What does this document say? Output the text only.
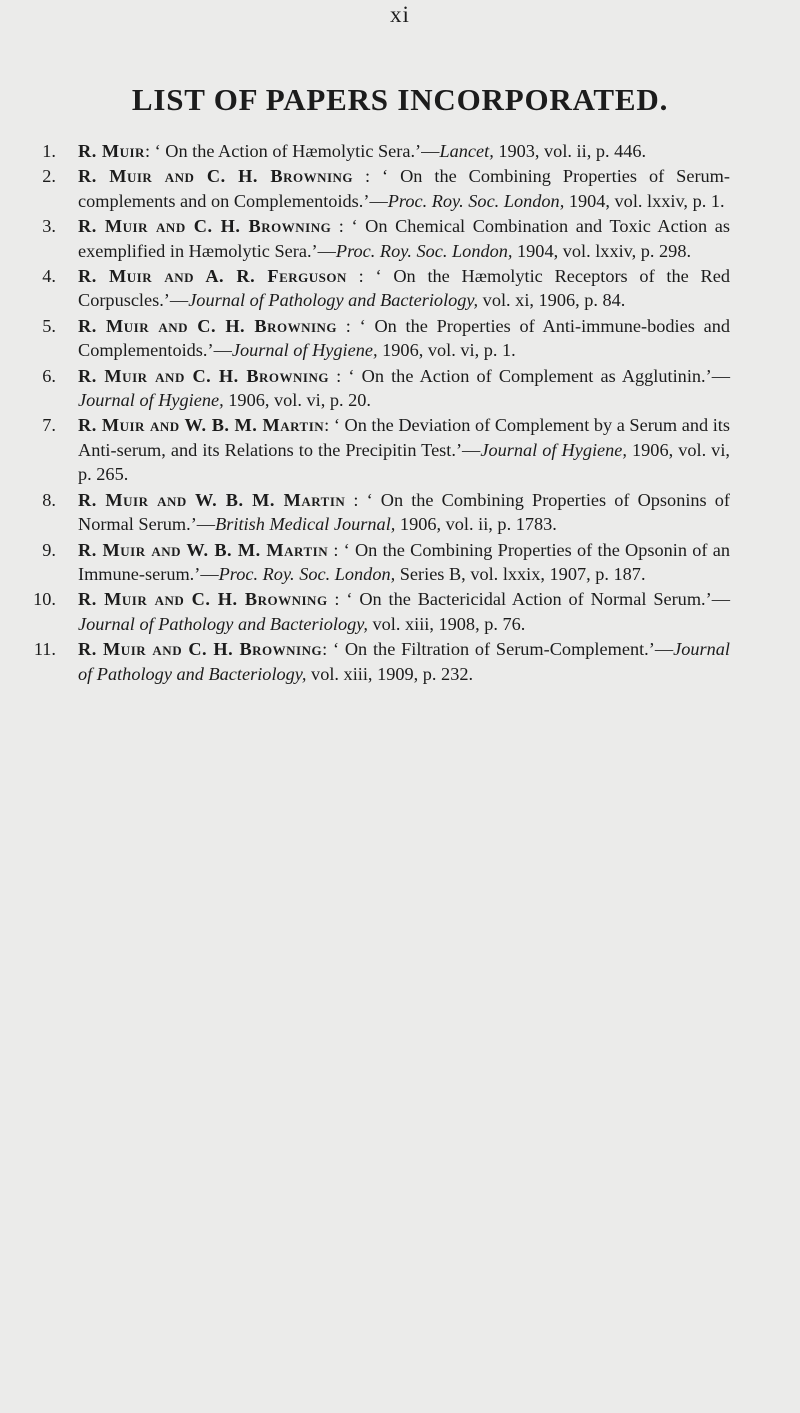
xi
LIST OF PAPERS INCORPORATED.
1. R. Muir: ‘ On the Action of Hæmolytic Sera.’—Lancet, 1903, vol. ii, p. 446.
2. R. Muir and C. H. Browning : ‘ On the Combining Properties of Serum-complements and on Complementoids.’—Proc. Roy. Soc. London, 1904, vol. lxxiv, p. 1.
3. R. Muir and C. H. Browning : ‘ On Chemical Combination and Toxic Action as exemplified in Hæmolytic Sera.’—Proc. Roy. Soc. London, 1904, vol. lxxiv, p. 298.
4. R. Muir and A. R. Ferguson : ‘ On the Hæmolytic Receptors of the Red Corpuscles.’—Journal of Pathology and Bacteriology, vol. xi, 1906, p. 84.
5. R. Muir and C. H. Browning : ‘ On the Properties of Anti-immune-bodies and Complementoids.’—Journal of Hygiene, 1906, vol. vi, p. 1.
6. R. Muir and C. H. Browning : ‘ On the Action of Complement as Agglutinin.’—Journal of Hygiene, 1906, vol. vi, p. 20.
7. R. Muir and W. B. M. Martin: ‘ On the Deviation of Complement by a Serum and its Anti-serum, and its Relations to the Precipitin Test.’—Journal of Hygiene, 1906, vol. vi, p. 265.
8. R. Muir and W. B. M. Martin : ‘ On the Combining Properties of Opsonins of Normal Serum.’—British Medical Journal, 1906, vol. ii, p. 1783.
9. R. Muir and W. B. M. Martin : ‘ On the Combining Properties of the Opsonin of an Immune-serum.’—Proc. Roy. Soc. London, Series B, vol. lxxix, 1907, p. 187.
10. R. Muir and C. H. Browning : ‘ On the Bactericidal Action of Normal Serum.’—Journal of Pathology and Bacteriology, vol. xiii, 1908, p. 76.
11. R. Muir and C. H. Browning: ‘ On the Filtration of Serum-Complement.’—Journal of Pathology and Bacteriology, vol. xiii, 1909, p. 232.
